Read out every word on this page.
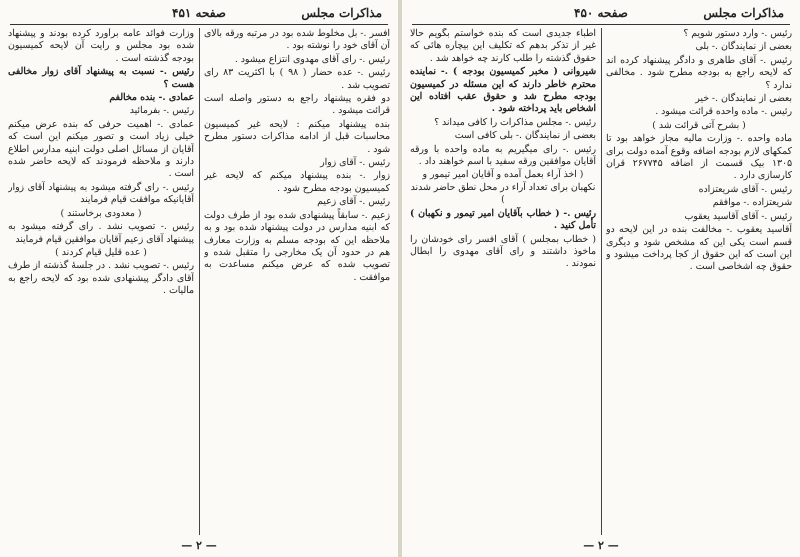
مذاکرات مجلس
صفحه ۴۵۱

افسر .- بل مخلوط شده بود در مرتبه ورقه بالای آن آقای خود را نوشته بود .

رئیس .- رای آقای مهدوی انتزاع میشود .

رئیس .- عده حضار ( ۹۸ ) با اکثریت ۸۳ رای تصویب شد .

دو فقره پیشنهاد راجع به دستور واصله است قرائت میشود .

بنده پیشنهاد میکنم : لایحه غیر کمیسیون محاسبات قبل از ادامه مذاکرات دستور مطرح شود .

رئیس .- آقای زوار

زوار .- بنده پیشنهاد میکنم که لایحه غیر کمیسیون بودجه مطرح شود .

رئیس .- آقای زعیم

زعیم .- سابقاً پیشنهادی شده بود از طرف دولت که ابنیه مدارس در دولت پیشنهاد شده بود و به ملاحظه این که بودجه مسلم به وزارت معارف هم در حدود آن یک مخارجی را متقبل شده و تصویب شده که عرض میکنم مساعدت به موافقت .

وزارت فوائد عامه برآورد کرده بودند و پیشنهاد شده بود مجلس و رایت آن لایحه کمیسیون بودجه گذشته است .

رئیس .- نسبت به پیشنهاد آقای زوار مخالفی هست ؟

عمادی .- بنده مخالفم

رئیس .- بفرمائید

عمادی .- اهمیت حرفی که بنده عرض میکنم خیلی زیاد است و تصور میکنم این است که آقایان از مسائل اصلی دولت ابنیه مدارس اطلاع دارند و ملاحظه فرمودند که لایحه حاضر شده است .

رئیس .- رای گرفته میشود به پیشنهاد آقای زوار آقایانیکه موافقت قیام فرمایند

( معدودی برخاستند )

رئیس .- تصویب نشد . رای گرفته میشود به پیشنهاد آقای زعیم آقایان موافقین قیام فرمایند

( عده قلیل قیام کردند )

رئیس .- تصویب نشد . در جلسهٔ گذشته از طرف آقای دادگر پیشنهادی شده بود که لایحه راجع به مالیات .

— ۲ —
مذاکرات مجلس
صفحه ۴۵۰

رئیس .- وارد دستور شویم ؟

بعضی از نمایندگان .- بلی

رئیس .- آقای طاهری و دادگر پیشنهاد کرده اند که لایحه راجع به بودجه مطرح شود . مخالفی ندارد ؟

بعضی از نمایندگان .- خیر

رئیس .- ماده واحده قرائت میشود .

( بشرح آتی قرائت شد )

ماده واحده .- وزارت مالیه مجاز خواهد بود تا کمکهای لازم بودجه اضافه وقوع آمده دولت برای ۱۳۰۵ بیک قسمت از اضافه ۲۶۷۷۴۵ قران کارسازی دارد .

رئیس .- آقای شریعتزاده

شریعتزاده .- موافقم

رئیس .- آقای آقاسید یعقوب

آقاسید یعقوب .- مخالفت بنده در این لایحه دو قسم است یکی این که مشخص شود و دیگری این است که این حقوق از کجا پرداخت میشود و حقوق چه اشخاصی است .

اطباء جدیدی است که بنده خواستم بگویم حالا غیر از تذکر بدهم که تکلیف این بیچاره هائی که حقوق گذشته را طلب کارند چه خواهد شد .

شیروانی ( مخبر کمیسیون بودجه ) .- نماینده محترم خاطر دارند که این مسئله در کمیسیون بودجه مطرح شد و حقوق عقب افتاده این اشخاص باید پرداخته شود .

رئیس .- مجلس مذاکرات را کافی میداند ؟

بعضی از نمایندگان .- بلی کافی است

رئیس .- رای میگیریم به ماده واحده با ورقه آقایان موافقین ورقه سفید با اسم خواهند داد .

( اخذ آراء بعمل آمده و آقایان امیر تیمور و نکهبان برای تعداد آراء در محل نطق حاضر شدند )

رئیس .- ( خطاب بآقایان امیر تیمور و نکهبان ) تأمل کنید .

( خطاب بمجلس ) آقای افسر رای خودشان را ماخوذ داشتند و رای آقای مهدوی را ابطال نمودند .

— ۲ —
